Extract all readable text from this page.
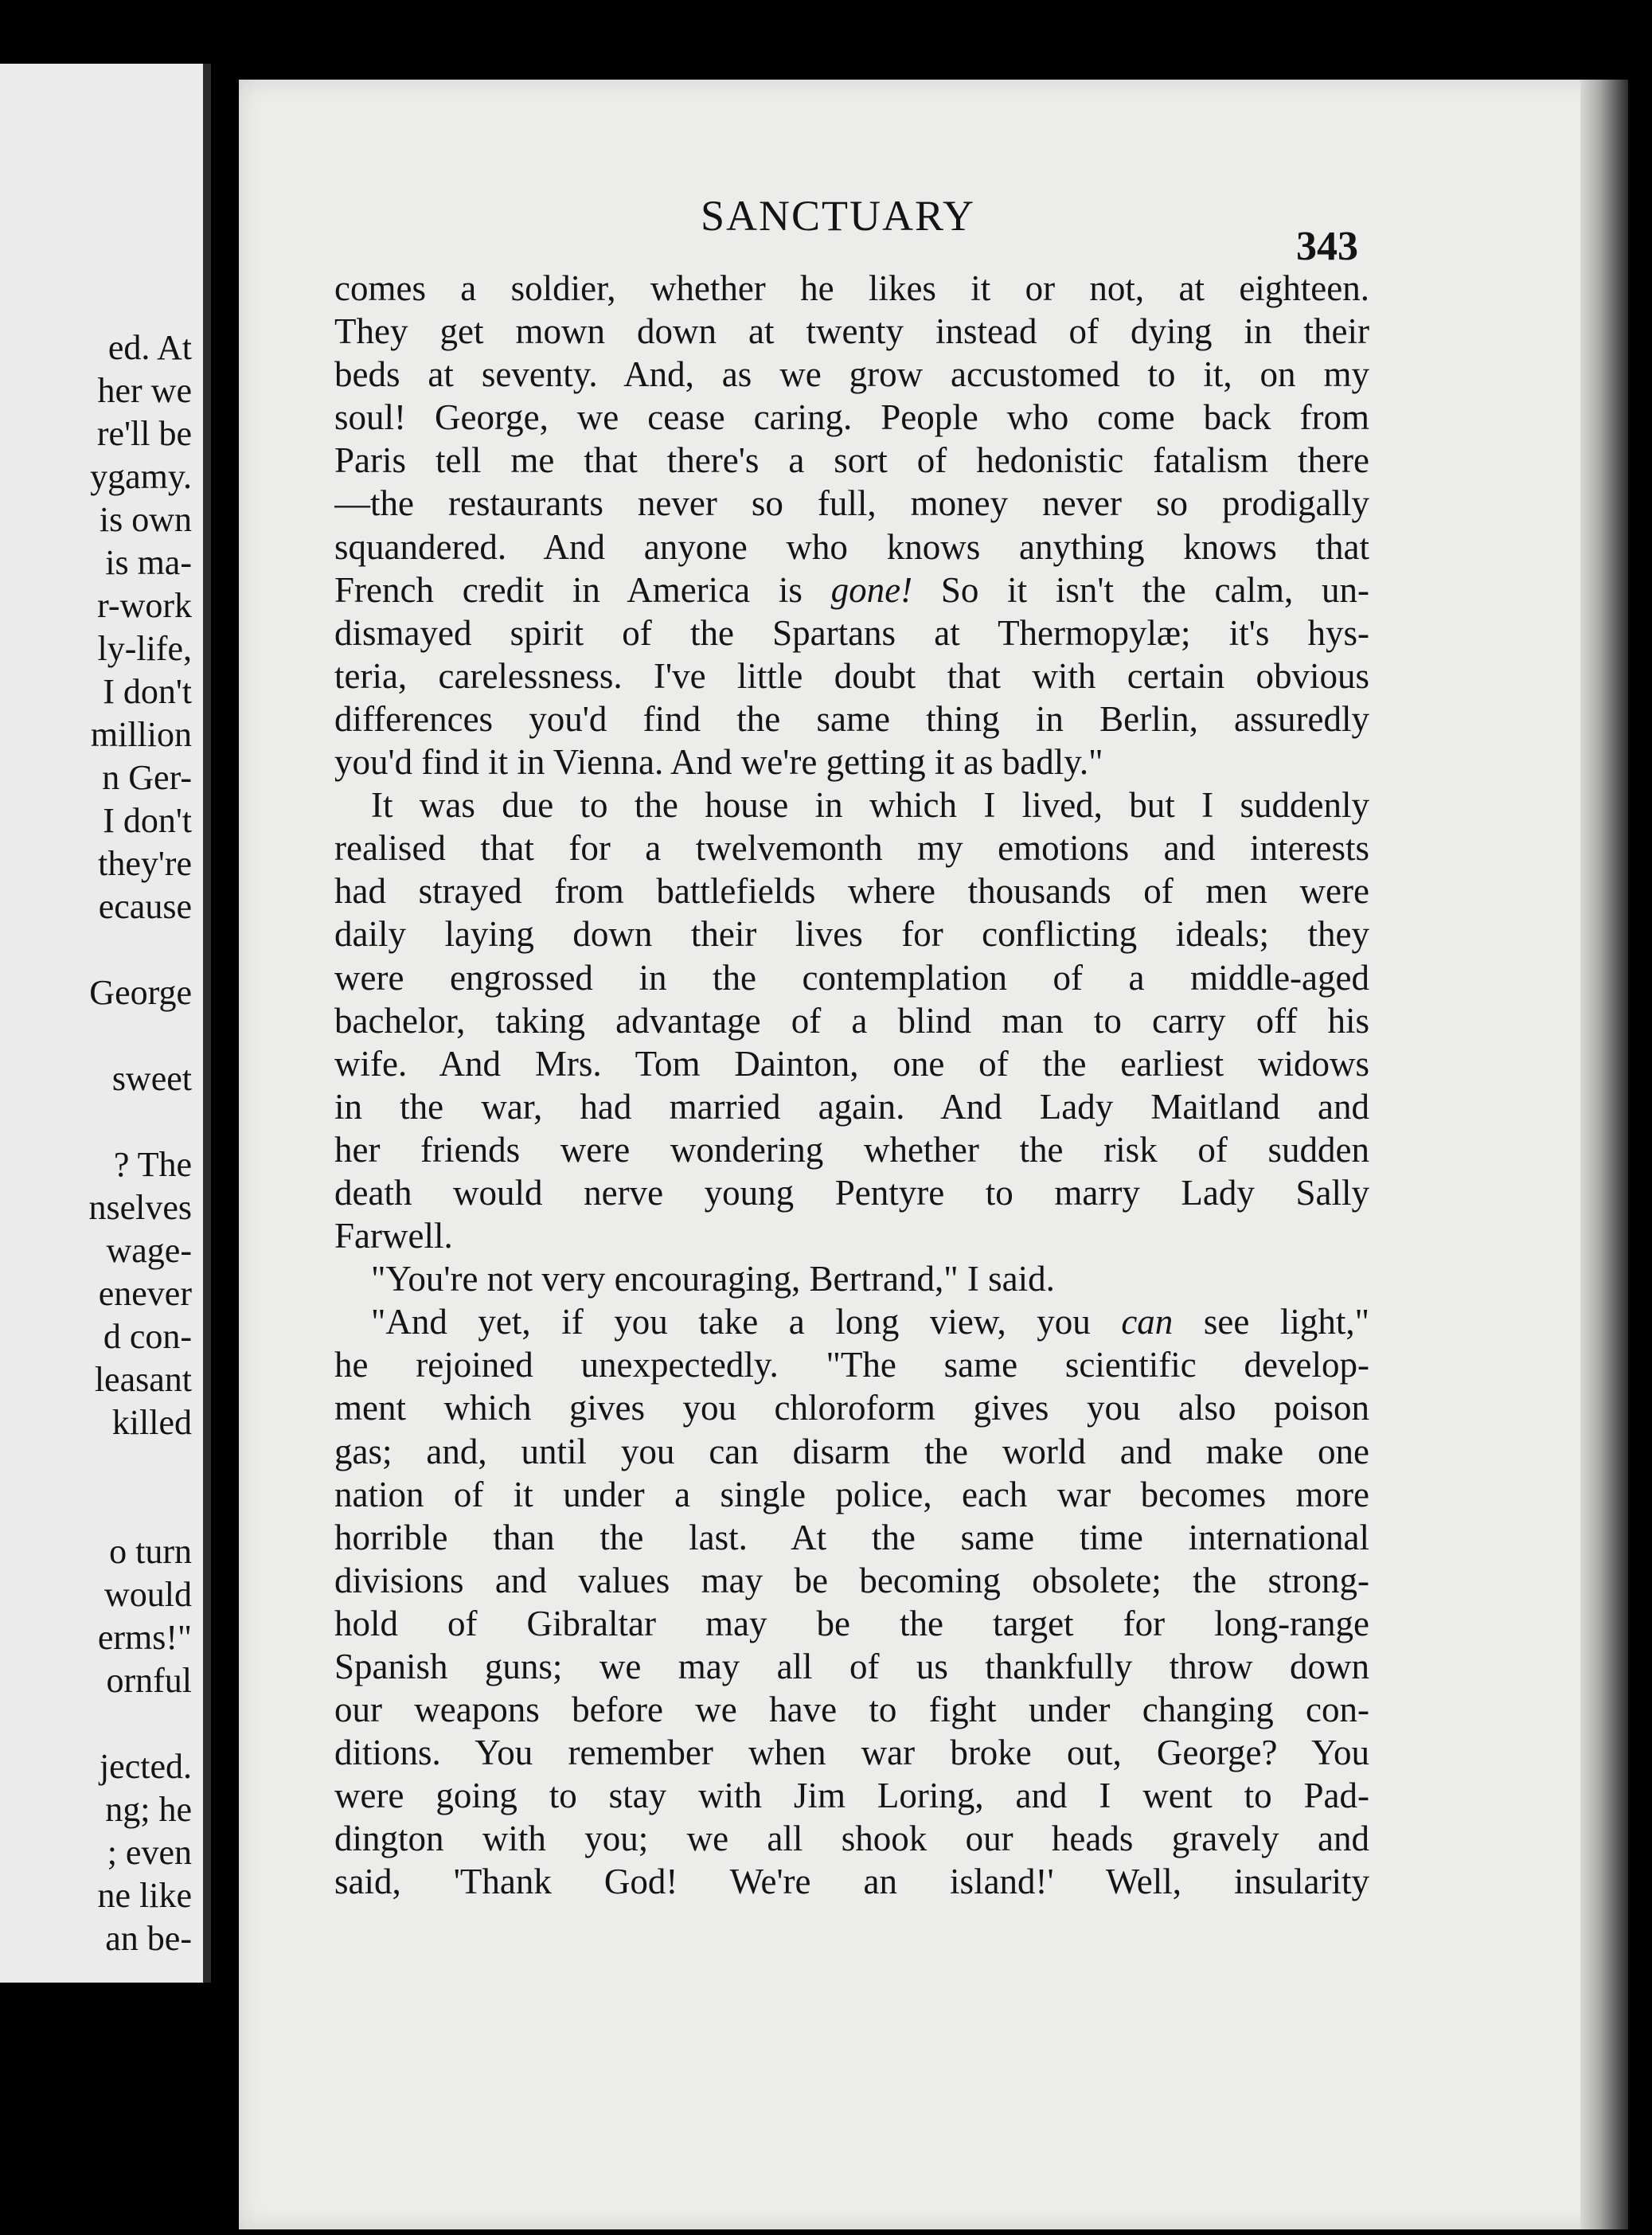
ed. At
her we
re'll be
ygamy.
is own
is ma-
r-work
ly-life,
I don't
million
n Ger-
I don't
they're
ecause
George
sweet
? The
nselves
wage-
enever
d con-
leasant
killed
o turn
would
erms!"
ornful
jected.
ng; he
; even
ne like
an be-
SANCTUARY
343
comes a soldier, whether he likes it or not, at eighteen.
They get mown down at twenty instead of dying in their
beds at seventy. And, as we grow accustomed to it, on my
soul! George, we cease caring. People who come back from
Paris tell me that there's a sort of hedonistic fatalism there
—the restaurants never so full, money never so prodigally
squandered. And anyone who knows anything knows that
French credit in America is gone! So it isn't the calm, un-
dismayed spirit of the Spartans at Thermopylæ; it's hys-
teria, carelessness. I've little doubt that with certain obvious
differences you'd find the same thing in Berlin, assuredly
you'd find it in Vienna. And we're getting it as badly."
It was due to the house in which I lived, but I suddenly
realised that for a twelvemonth my emotions and interests
had strayed from battlefields where thousands of men were
daily laying down their lives for conflicting ideals; they
were engrossed in the contemplation of a middle-aged
bachelor, taking advantage of a blind man to carry off his
wife. And Mrs. Tom Dainton, one of the earliest widows
in the war, had married again. And Lady Maitland and
her friends were wondering whether the risk of sudden
death would nerve young Pentyre to marry Lady Sally
Farwell.
"You're not very encouraging, Bertrand," I said.
"And yet, if you take a long view, you can see light,"
he rejoined unexpectedly. "The same scientific develop-
ment which gives you chloroform gives you also poison
gas; and, until you can disarm the world and make one
nation of it under a single police, each war becomes more
horrible than the last. At the same time international
divisions and values may be becoming obsolete; the strong-
hold of Gibraltar may be the target for long-range
Spanish guns; we may all of us thankfully throw down
our weapons before we have to fight under changing con-
ditions. You remember when war broke out, George? You
were going to stay with Jim Loring, and I went to Pad-
dington with you; we all shook our heads gravely and
said, 'Thank God! We're an island!' Well, insularity
